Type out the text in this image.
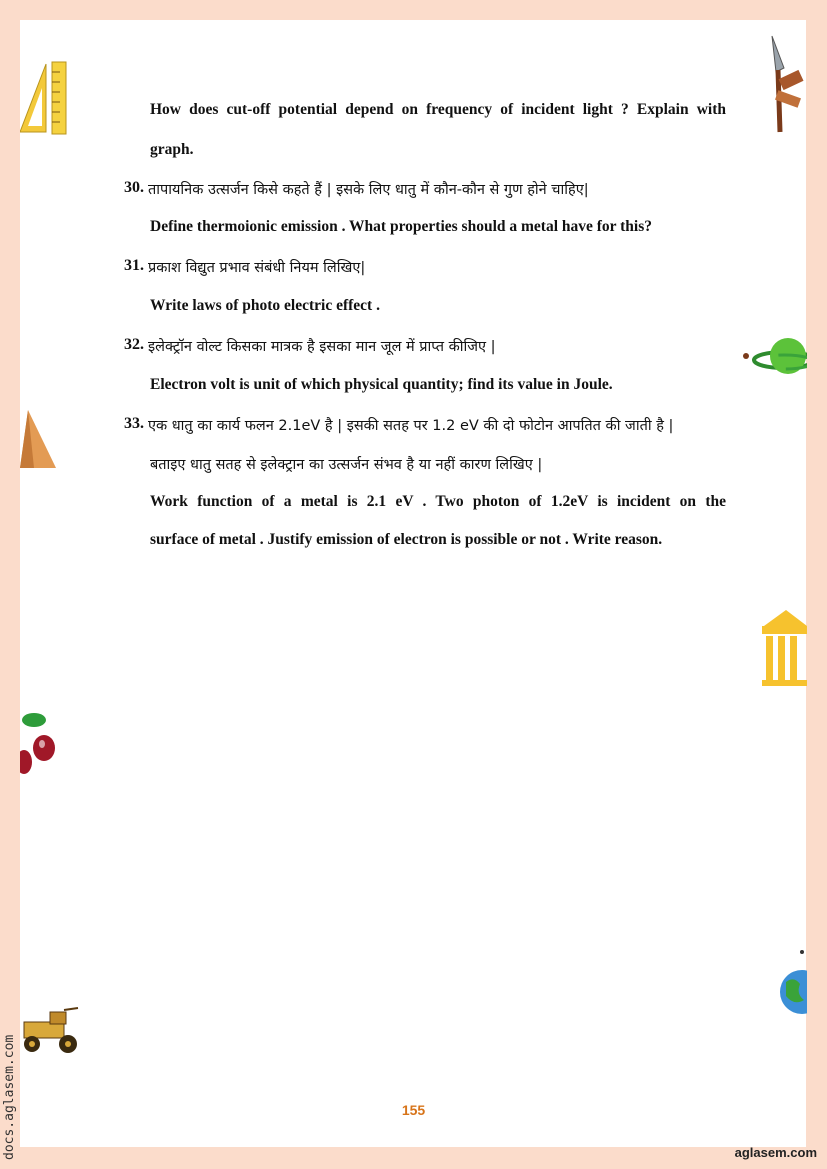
How does cut-off potential depend on frequency of incident light ? Explain with
graph.
30. तापायनिक उत्सर्जन किसे कहते हैं | इसके लिए धातु में कौन-कौन से गुण होने चाहिए|
Define thermoionic emission . What properties should a metal have for this?
31. प्रकाश विद्युत प्रभाव संबंधी नियम लिखिए|
Write laws of photo electric effect .
32. इलेक्ट्रॉन वोल्ट किसका मात्रक है इसका मान जूल में प्राप्त कीजिए |
Electron volt is unit of which physical quantity; find its value in Joule.
33. एक धातु का कार्य फलन 2.1eV है | इसकी सतह पर 1.2 eV की दो फोटोन आपतित की जाती है |
बताइए धातु सतह से इलेक्ट्रान का उत्सर्जन संभव है या नहीं कारण लिखिए |
Work function of a metal is 2.1 eV . Two photon of 1.2eV is incident on the
surface of metal . Justify emission of electron is possible or not . Write reason.
155
aglasem.com
docs.aglasem.com
